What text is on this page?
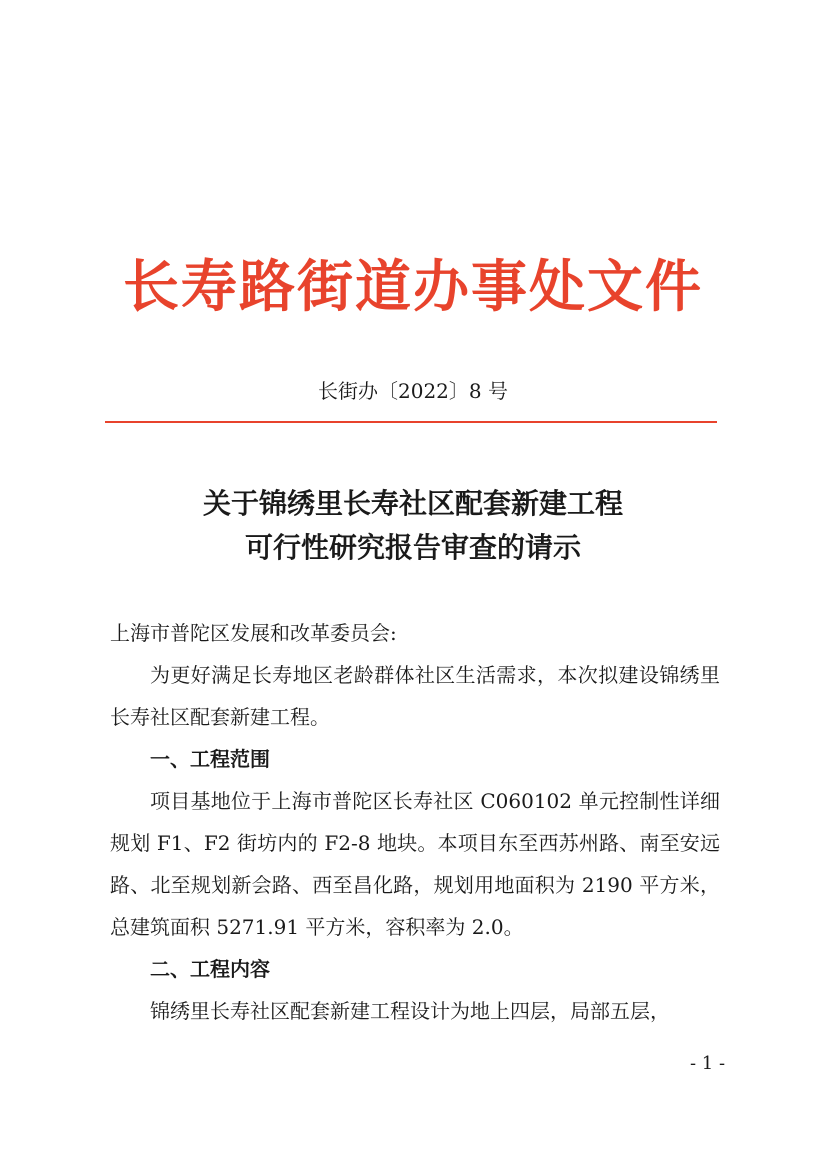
长寿路街道办事处文件
长街办〔2022〕8 号
关于锦绣里长寿社区配套新建工程
可行性研究报告审查的请示

上海市普陀区发展和改革委员会:

为更好满足长寿地区老龄群体社区生活需求，本次拟建设锦绣里长寿社区配套新建工程。

一、工程范围

项目基地位于上海市普陀区长寿社区 C060102 单元控制性详细规划 F1、F2 街坊内的 F2-8 地块。本项目东至西苏州路、南至安远路、北至规划新会路、西至昌化路，规划用地面积为 2190 平方米，总建筑面积 5271.91 平方米，容积率为 2.0。

二、工程内容

锦绣里长寿社区配套新建工程设计为地上四层，局部五层，

- 1 -
